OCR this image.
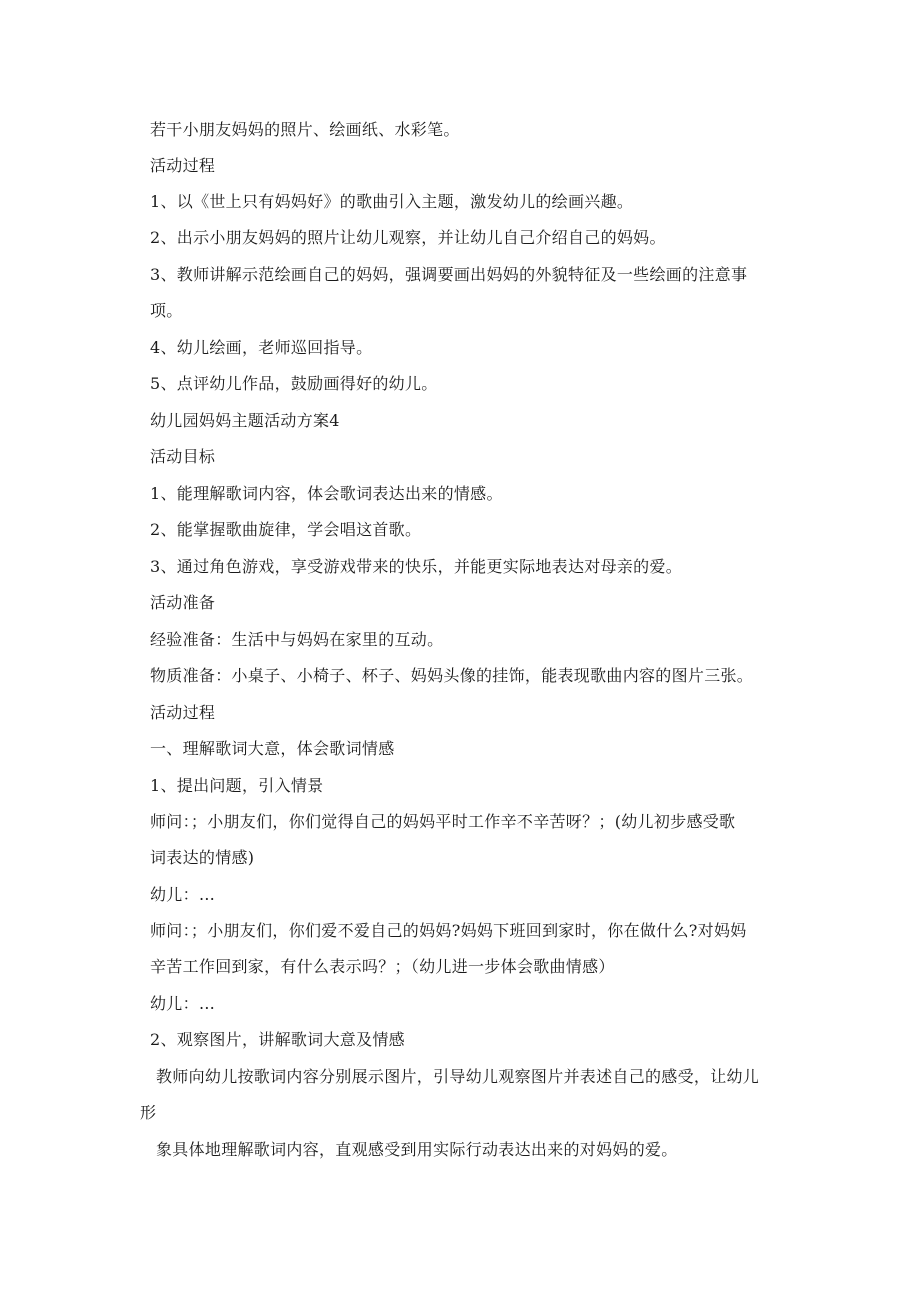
若干小朋友妈妈的照片、绘画纸、水彩笔。
活动过程
1、以《世上只有妈妈好》的歌曲引入主题，激发幼儿的绘画兴趣。
2、出示小朋友妈妈的照片让幼儿观察，并让幼儿自己介绍自己的妈妈。
3、教师讲解示范绘画自己的妈妈，强调要画出妈妈的外貌特征及一些绘画的注意事
项。
4、幼儿绘画，老师巡回指导。
5、点评幼儿作品，鼓励画得好的幼儿。
幼儿园妈妈主题活动方案4
活动目标
1、能理解歌词内容，体会歌词表达出来的情感。
2、能掌握歌曲旋律，学会唱这首歌。
3、通过角色游戏，享受游戏带来的快乐，并能更实际地表达对母亲的爱。
活动准备
经验准备：生活中与妈妈在家里的互动。
物质准备：小桌子、小椅子、杯子、妈妈头像的挂饰，能表现歌曲内容的图片三张。
活动过程
一、理解歌词大意，体会歌词情感
1、提出问题，引入情景
师问：；小朋友们，你们觉得自己的妈妈平时工作辛不辛苦呀？；(幼儿初步感受歌
词表达的情感)
幼儿：…
师问：；小朋友们，你们爱不爱自己的妈妈?妈妈下班回到家时，你在做什么?对妈妈
辛苦工作回到家，有什么表示吗？；（幼儿进一步体会歌曲情感）
幼儿：…
2、观察图片，讲解歌词大意及情感
教师向幼儿按歌词内容分别展示图片，引导幼儿观察图片并表述自己的感受，让幼儿
形
象具体地理解歌词内容，直观感受到用实际行动表达出来的对妈妈的爱。
